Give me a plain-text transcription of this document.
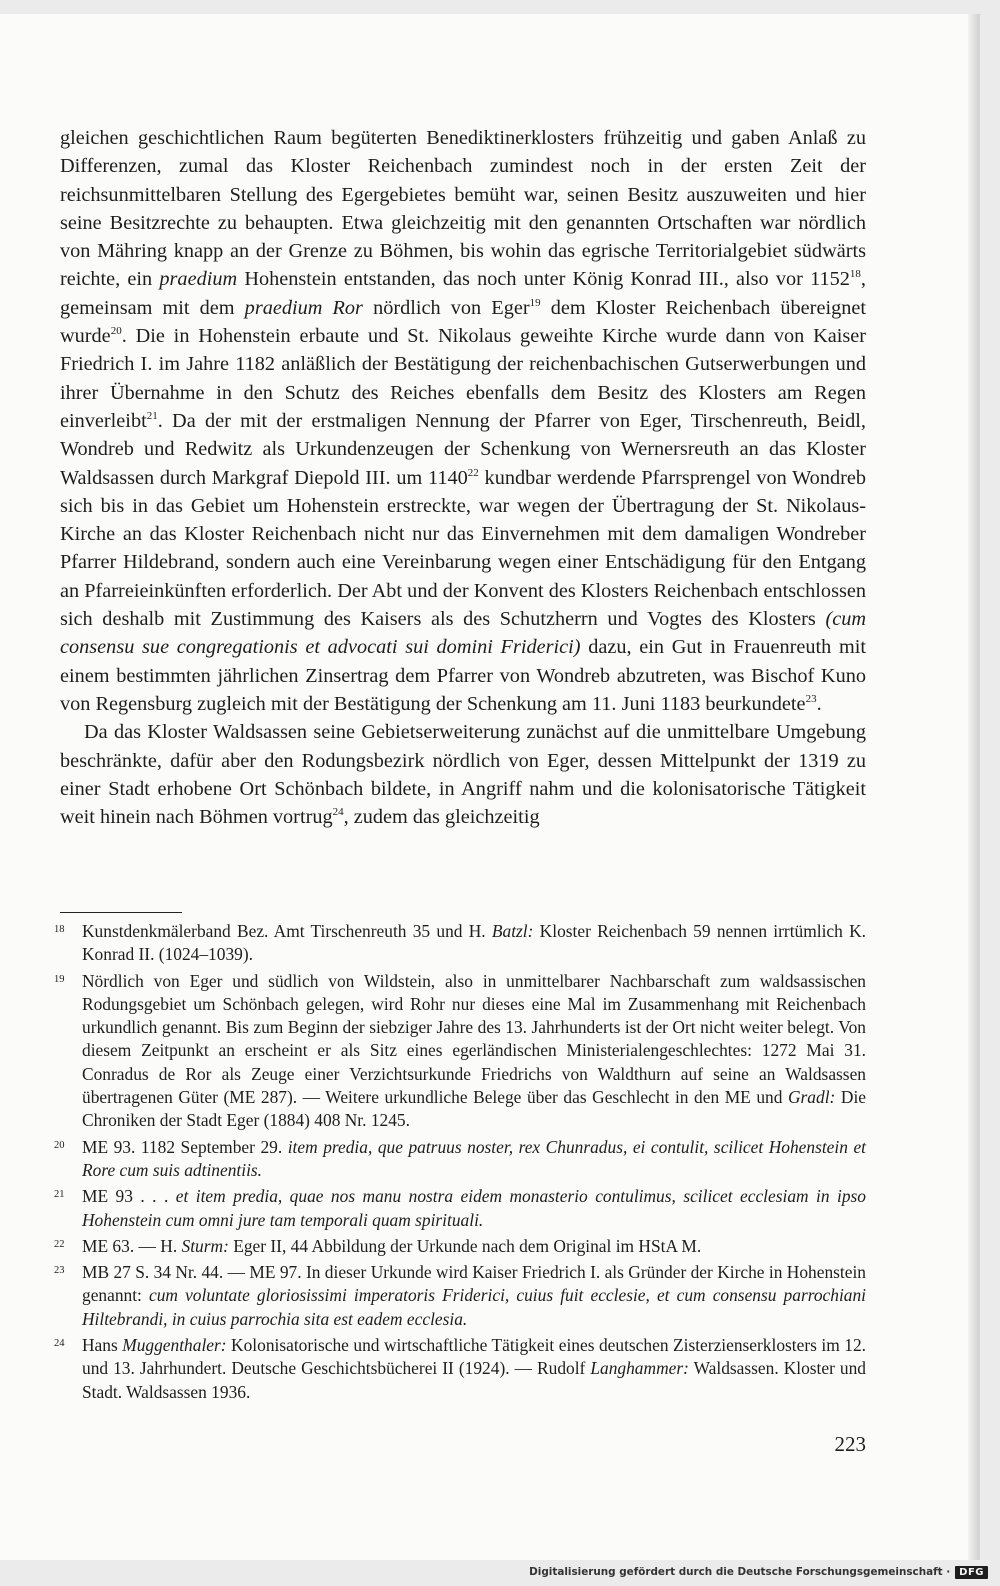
gleichen geschichtlichen Raum begüterten Benediktinerklosters frühzeitig und gaben Anlaß zu Differenzen, zumal das Kloster Reichenbach zumindest noch in der ersten Zeit der reichsunmittelbaren Stellung des Egergebietes bemüht war, seinen Besitz auszuweiten und hier seine Besitzrechte zu behaupten. Etwa gleichzeitig mit den genannten Ortschaften war nördlich von Mähring knapp an der Grenze zu Böhmen, bis wohin das egrische Territorialgebiet südwärts reichte, ein praedium Hohenstein entstanden, das noch unter König Konrad III., also vor 1152$^{18}$, gemeinsam mit dem praedium Ror nördlich von Eger$^{19}$ dem Kloster Reichenbach übereignet wurde$^{20}$. Die in Hohenstein erbaute und St. Nikolaus geweihte Kirche wurde dann von Kaiser Friedrich I. im Jahre 1182 anläßlich der Bestätigung der reichenbachischen Gutserwerbungen und ihrer Übernahme in den Schutz des Reiches ebenfalls dem Besitz des Klosters am Regen einverleibt$^{21}$. Da der mit der erstmaligen Nennung der Pfarrer von Eger, Tirschenreuth, Beidl, Wondreb und Redwitz als Urkundenzeugen der Schenkung von Wernersreuth an das Kloster Waldsassen durch Markgraf Diepold III. um 1140$^{22}$ kundbar werdende Pfarrsprengel von Wondreb sich bis in das Gebiet um Hohenstein erstreckte, war wegen der Übertragung der St. Nikolaus-Kirche an das Kloster Reichenbach nicht nur das Einvernehmen mit dem damaligen Wondreber Pfarrer Hildebrand, sondern auch eine Vereinbarung wegen einer Entschädigung für den Entgang an Pfarreieinkünften erforderlich. Der Abt und der Konvent des Klosters Reichenbach entschlossen sich deshalb mit Zustimmung des Kaisers als des Schutzherrn und Vogtes des Klosters (cum consensu sue congregationis et advocati sui domini Friderici) dazu, ein Gut in Frauenreuth mit einem bestimmten jährlichen Zinsertrag dem Pfarrer von Wondreb abzutreten, was Bischof Kuno von Regensburg zugleich mit der Bestätigung der Schenkung am 11. Juni 1183 beurkundete$^{23}$.

Da das Kloster Waldsassen seine Gebietserweiterung zunächst auf die unmittelbare Umgebung beschränkte, dafür aber den Rodungsbezirk nördlich von Eger, dessen Mittelpunkt der 1319 zu einer Stadt erhobene Ort Schönbach bildete, in Angriff nahm und die kolonisatorische Tätigkeit weit hinein nach Böhmen vortrug$^{24}$, zudem das gleichzeitig

18	Kunstdenkmälerband Bez. Amt Tirschenreuth 35 und H. Batzl: Kloster Reichenbach 59 nennen irrtümlich K. Konrad II. (1024–1039).
19	Nördlich von Eger und südlich von Wildstein, also in unmittelbarer Nachbarschaft zum waldsassischen Rodungsgebiet um Schönbach gelegen, wird Rohr nur dieses eine Mal im Zusammenhang mit Reichenbach urkundlich genannt. Bis zum Beginn der siebziger Jahre des 13. Jahrhunderts ist der Ort nicht weiter belegt. Von diesem Zeitpunkt an erscheint er als Sitz eines egerländischen Ministerialengeschlechtes: 1272 Mai 31. Conradus de Ror als Zeuge einer Verzichtsurkunde Friedrichs von Waldthurn auf seine an Waldsassen übertragenen Güter (ME 287). — Weitere urkundliche Belege über das Geschlecht in den ME und Gradl: Die Chroniken der Stadt Eger (1884) 408 Nr. 1245.
20	ME 93. 1182 September 29. item predia, que patruus noster, rex Chunradus, ei contulit, scilicet Hohenstein et Rore cum suis adtinentiis.
21	ME 93 . . . et item predia, quae nos manu nostra eidem monasterio contulimus, scilicet ecclesiam in ipso Hohenstein cum omni jure tam temporali quam spirituali.
22	ME 63. — H. Sturm: Eger II, 44 Abbildung der Urkunde nach dem Original im HStA M.
23	MB 27 S. 34 Nr. 44. — ME 97. In dieser Urkunde wird Kaiser Friedrich I. als Gründer der Kirche in Hohenstein genannt: cum voluntate gloriosissimi imperatoris Friderici, cuius fuit ecclesie, et cum consensu parrochiani Hiltebrandi, in cuius parrochia sita est eadem ecclesia.
24	Hans Muggenthaler: Kolonisatorische und wirtschaftliche Tätigkeit eines deutschen Zisterzienserklosters im 12. und 13. Jahrhundert. Deutsche Geschichtsbücherei II (1924). — Rudolf Langhammer: Waldsassen. Kloster und Stadt. Waldsassen 1936.
223
Digitalisierung gefördert durch die Deutsche Forschungsgemeinschaft · DFG
